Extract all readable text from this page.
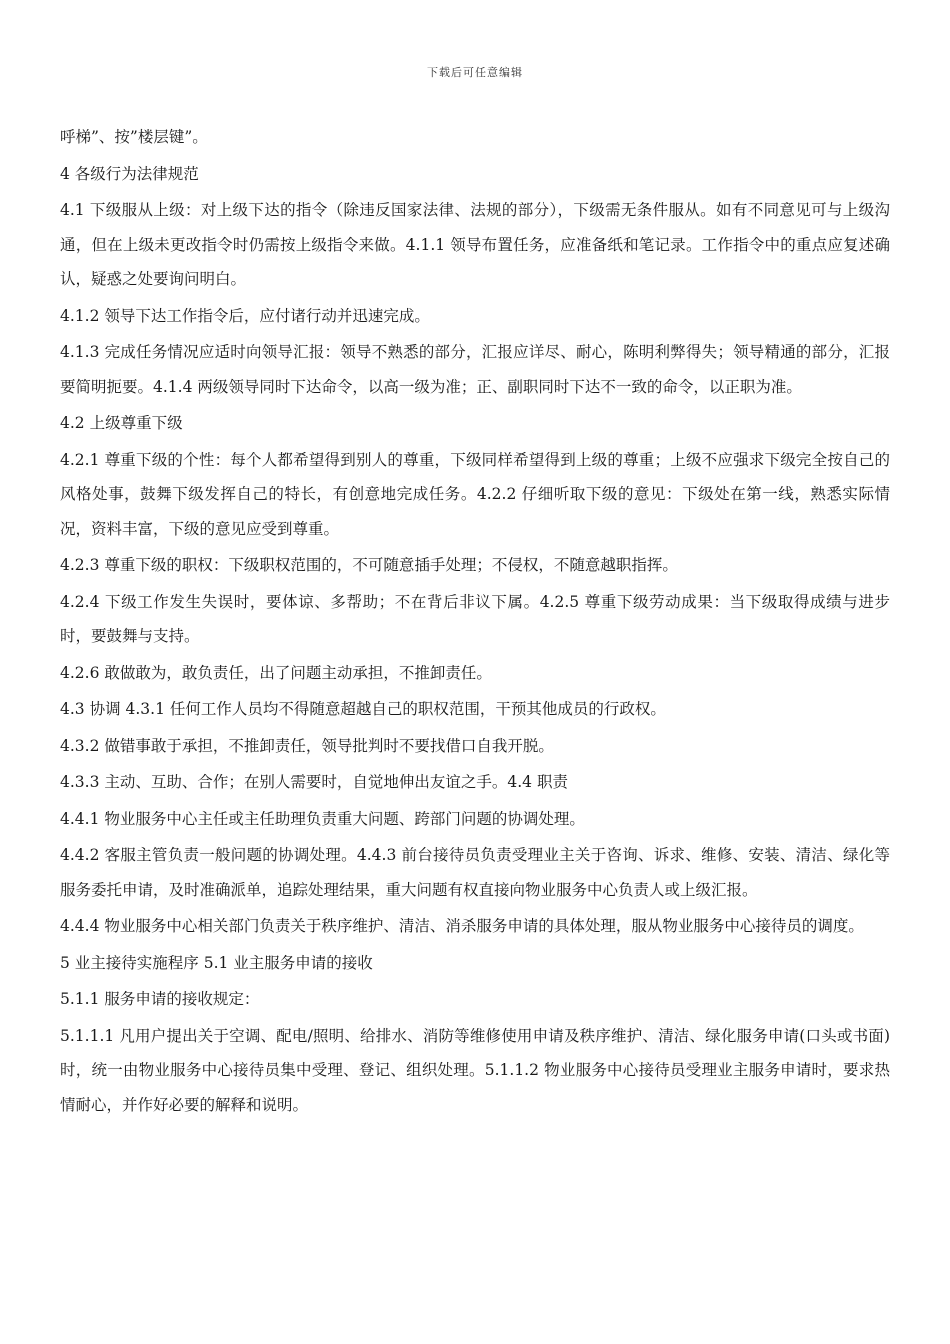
下载后可任意编辑

呼梯”、按”楼层键”。

4 各级行为法律规范

4.1 下级服从上级：对上级下达的指令（除违反国家法律、法规的部分），下级需无条件服从。如有不同意见可与上级沟通，但在上级未更改指令时仍需按上级指令来做。4.1.1 领导布置任务，应准备纸和笔记录。工作指令中的重点应复述确认，疑惑之处要询问明白。

4.1.2 领导下达工作指令后，应付诸行动并迅速完成。

4.1.3 完成任务情况应适时向领导汇报：领导不熟悉的部分，汇报应详尽、耐心，陈明利弊得失；领导精通的部分，汇报要简明扼要。4.1.4 两级领导同时下达命令，以高一级为准；正、副职同时下达不一致的命令，以正职为准。

4.2 上级尊重下级

4.2.1 尊重下级的个性：每个人都希望得到别人的尊重，下级同样希望得到上级的尊重；上级不应强求下级完全按自己的风格处事，鼓舞下级发挥自己的特长，有创意地完成任务。4.2.2 仔细听取下级的意见：下级处在第一线，熟悉实际情况，资料丰富，下级的意见应受到尊重。

4.2.3 尊重下级的职权：下级职权范围的，不可随意插手处理；不侵权，不随意越职指挥。

4.2.4 下级工作发生失误时，要体谅、多帮助；不在背后非议下属。4.2.5 尊重下级劳动成果：当下级取得成绩与进步时，要鼓舞与支持。

4.2.6 敢做敢为，敢负责任，出了问题主动承担，不推卸责任。

4.3 协调 4.3.1 任何工作人员均不得随意超越自己的职权范围，干预其他成员的行政权。

4.3.2 做错事敢于承担，不推卸责任，领导批判时不要找借口自我开脱。

4.3.3 主动、互助、合作；在别人需要时，自觉地伸出友谊之手。4.4 职责

4.4.1 物业服务中心主任或主任助理负责重大问题、跨部门问题的协调处理。

4.4.2 客服主管负责一般问题的协调处理。4.4.3 前台接待员负责受理业主关于咨询、诉求、维修、安装、清洁、绿化等服务委托申请，及时准确派单，追踪处理结果，重大问题有权直接向物业服务中心负责人或上级汇报。

4.4.4 物业服务中心相关部门负责关于秩序维护、清洁、消杀服务申请的具体处理，服从物业服务中心接待员的调度。

5 业主接待实施程序 5.1 业主服务申请的接收

5.1.1 服务申请的接收规定：

5.1.1.1 凡用户提出关于空调、配电/照明、给排水、消防等维修使用申请及秩序维护、清洁、绿化服务申请(口头或书面)时，统一由物业服务中心接待员集中受理、登记、组织处理。5.1.1.2 物业服务中心接待员受理业主服务申请时，要求热情耐心，并作好必要的解释和说明。
